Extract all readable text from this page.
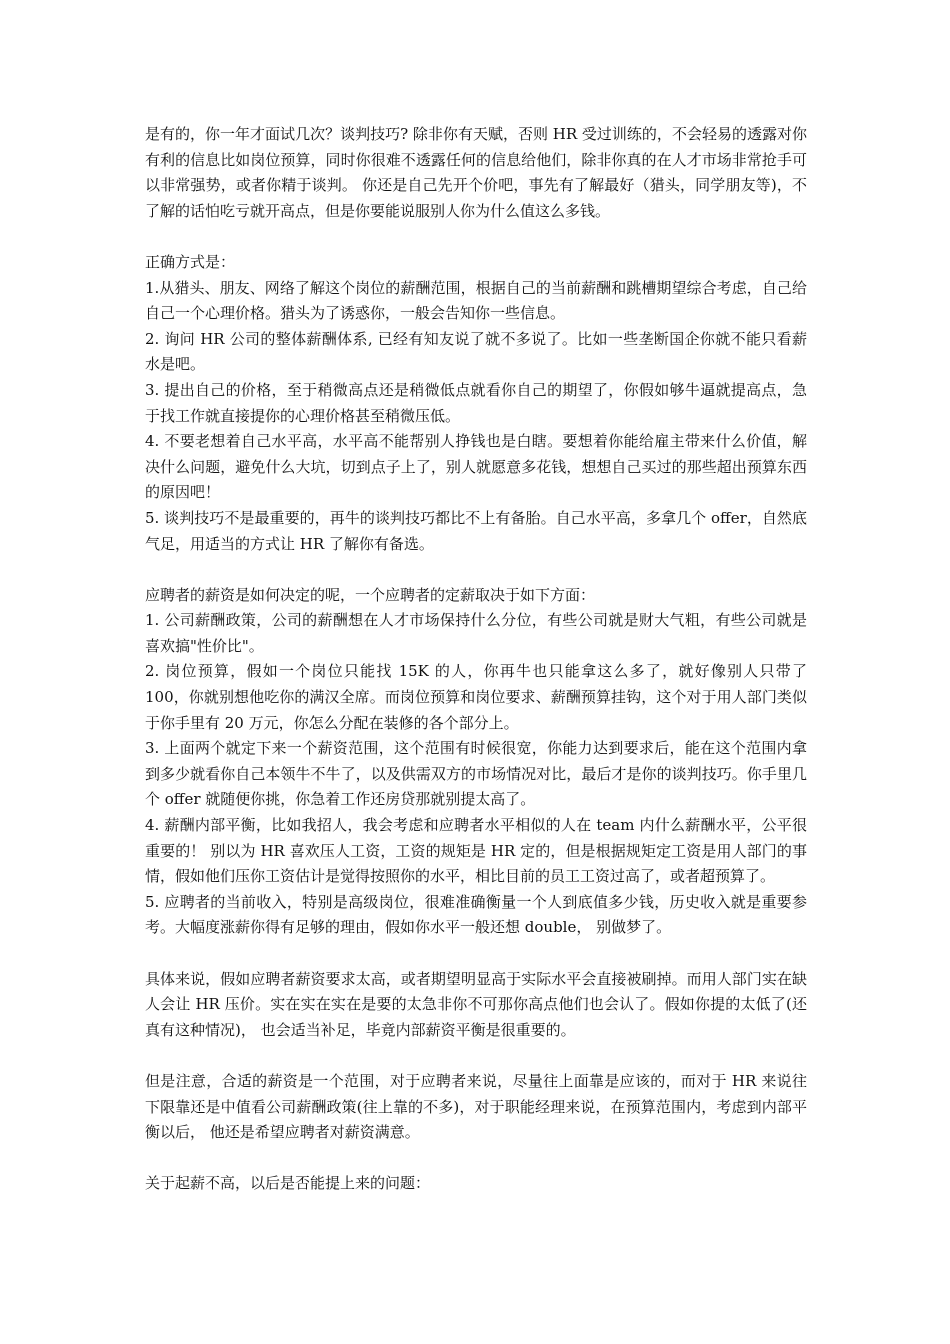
是有的，你一年才面试几次？谈判技巧? 除非你有天赋，否则 HR 受过训练的，不会轻易的透露对你有利的信息比如岗位预算，同时你很难不透露任何的信息给他们，除非你真的在人才市场非常抢手可以非常强势，或者你精于谈判。 你还是自己先开个价吧，事先有了解最好（猎头，同学朋友等)，不了解的话怕吃亏就开高点，但是你要能说服别人你为什么值这么多钱。

正确方式是：

1.从猎头、朋友、网络了解这个岗位的薪酬范围，根据自己的当前薪酬和跳槽期望综合考虑，自己给自己一个心理价格。猎头为了诱惑你，一般会告知你一些信息。

2. 询问 HR 公司的整体薪酬体系, 已经有知友说了就不多说了。比如一些垄断国企你就不能只看薪水是吧。

3. 提出自己的价格，至于稍微高点还是稍微低点就看你自己的期望了，你假如够牛逼就提高点，急于找工作就直接提你的心理价格甚至稍微压低。

4. 不要老想着自己水平高，水平高不能帮别人挣钱也是白瞎。要想着你能给雇主带来什么价值，解决什么问题，避免什么大坑，切到点子上了，别人就愿意多花钱，想想自己买过的那些超出预算东西的原因吧！

5. 谈判技巧不是最重要的，再牛的谈判技巧都比不上有备胎。自己水平高，多拿几个 offer，自然底气足，用适当的方式让 HR 了解你有备选。

应聘者的薪资是如何决定的呢，一个应聘者的定薪取决于如下方面：

1. 公司薪酬政策，公司的薪酬想在人才市场保持什么分位，有些公司就是财大气粗，有些公司就是喜欢搞"性价比"。

2. 岗位预算，假如一个岗位只能找 15K 的人，你再牛也只能拿这么多了，就好像别人只带了 100，你就别想他吃你的满汉全席。而岗位预算和岗位要求、薪酬预算挂钩，这个对于用人部门类似于你手里有 20 万元，你怎么分配在装修的各个部分上。

3. 上面两个就定下来一个薪资范围，这个范围有时候很宽，你能力达到要求后，能在这个范围内拿到多少就看你自己本领牛不牛了，以及供需双方的市场情况对比，最后才是你的谈判技巧。你手里几个 offer 就随便你挑，你急着工作还房贷那就别提太高了。

4. 薪酬内部平衡，比如我招人，我会考虑和应聘者水平相似的人在 team 内什么薪酬水平，公平很重要的！ 别以为 HR 喜欢压人工资，工资的规矩是 HR 定的，但是根据规矩定工资是用人部门的事情，假如他们压你工资估计是觉得按照你的水平，相比目前的员工工资过高了，或者超预算了。

5. 应聘者的当前收入，特别是高级岗位，很难准确衡量一个人到底值多少钱，历史收入就是重要参考。大幅度涨薪你得有足够的理由，假如你水平一般还想 double， 别做梦了。

具体来说，假如应聘者薪资要求太高，或者期望明显高于实际水平会直接被刷掉。而用人部门实在缺人会让 HR 压价。实在实在实在是要的太急非你不可那你高点他们也会认了。假如你提的太低了(还真有这种情况)， 也会适当补足，毕竟内部薪资平衡是很重要的。

但是注意，合适的薪资是一个范围，对于应聘者来说，尽量往上面靠是应该的，而对于 HR 来说往下限靠还是中值看公司薪酬政策(往上靠的不多)，对于职能经理来说，在预算范围内，考虑到内部平衡以后， 他还是希望应聘者对薪资满意。

关于起薪不高，以后是否能提上来的问题：
